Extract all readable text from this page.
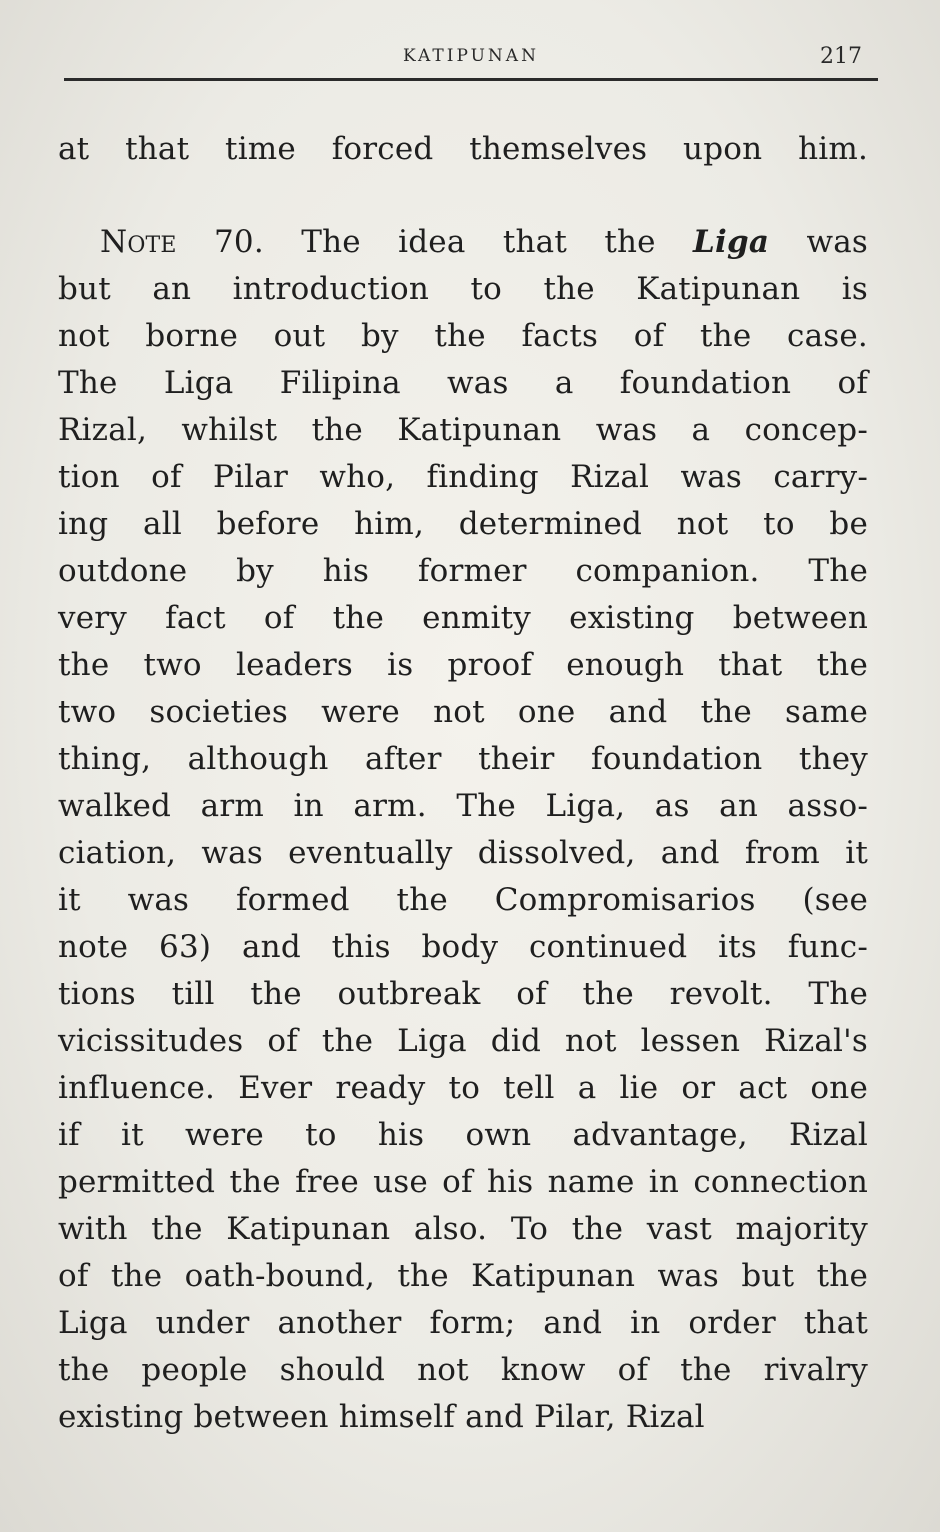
KATIPUNAN	217
at that time forced themselves upon him.
Note 70. The idea that the Liga was
but an introduction to the Katipunan is
not borne out by the facts of the case.
The Liga Filipina was a foundation of
Rizal, whilst the Katipunan was a concep-
tion of Pilar who, finding Rizal was carry-
ing all before him, determined not to be
outdone by his former companion. The
very fact of the enmity existing between
the two leaders is proof enough that the
two societies were not one and the same
thing, although after their foundation they
walked arm in arm. The Liga, as an asso-
ciation, was eventually dissolved, and from it
it was formed the Compromisarios (see
note 63) and this body continued its func-
tions till the outbreak of the revolt. The
vicissitudes of the Liga did not lessen Rizal's
influence. Ever ready to tell a lie or act one
if it were to his own advantage, Rizal
permitted the free use of his name in connection
with the Katipunan also. To the vast majority
of the oath-bound, the Katipunan was but the
Liga under another form; and in order that
the people should not know of the rivalry
existing between himself and Pilar, Rizal
